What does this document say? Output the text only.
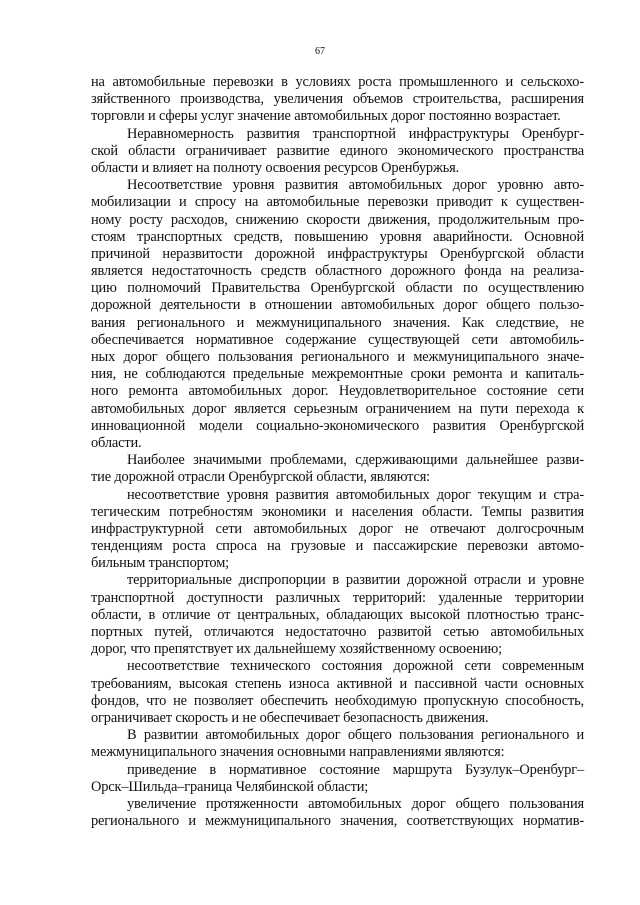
67

на автомобильные перевозки в условиях роста промышленного и сельскохо-
зяйственного производства, увеличения объемов строительства, расширения
торговли и сферы услуг значение автомобильных дорог постоянно возрастает.

Неравномерность развития транспортной инфраструктуры Оренбург-
ской области ограничивает развитие единого экономического пространства
области и влияет на полноту освоения ресурсов Оренбуржья.

Несоответствие уровня развития автомобильных дорог уровню авто-
мобилизации и спросу на автомобильные перевозки приводит к существен-
ному росту расходов, снижению скорости движения, продолжительным про-
стоям транспортных средств, повышению уровня аварийности. Основной
причиной неразвитости дорожной инфраструктуры Оренбургской области
является недостаточность средств областного дорожного фонда на реализа-
цию полномочий Правительства Оренбургской области по осуществлению
дорожной деятельности в отношении автомобильных дорог общего пользо-
вания регионального и межмуниципального значения. Как следствие, не
обеспечивается нормативное содержание существующей сети автомобиль-
ных дорог общего пользования регионального и межмуниципального значе-
ния, не соблюдаются предельные межремонтные сроки ремонта и капиталь-
ного ремонта автомобильных дорог. Неудовлетворительное состояние сети
автомобильных дорог является серьезным ограничением на пути перехода к
инновационной модели социально-экономического развития Оренбургской
области.

Наиболее значимыми проблемами, сдерживающими дальнейшее разви-
тие дорожной отрасли Оренбургской области, являются:

несоответствие уровня развития автомобильных дорог текущим и стра-
тегическим потребностям экономики и населения области. Темпы развития
инфраструктурной сети автомобильных дорог не отвечают долгосрочным
тенденциям роста спроса на грузовые и пассажирские перевозки автомо-
бильным транспортом;

территориальные диспропорции в развитии дорожной отрасли и уровне
транспортной доступности различных территорий: удаленные территории
области, в отличие от центральных, обладающих высокой плотностью транс-
портных путей, отличаются недостаточно развитой сетью автомобильных
дорог, что препятствует их дальнейшему хозяйственному освоению;

несоответствие технического состояния дорожной сети современным
требованиям, высокая степень износа активной и пассивной части основных
фондов, что не позволяет обеспечить необходимую пропускную способность,
ограничивает скорость и не обеспечивает безопасность движения.

В развитии автомобильных дорог общего пользования регионального и
межмуниципального значения основными направлениями являются:

приведение в нормативное состояние маршрута Бузулук–Оренбург–
Орск–Шильда–граница Челябинской области;

увеличение протяженности автомобильных дорог общего пользования
регионального и межмуниципального значения, соответствующих норматив-
